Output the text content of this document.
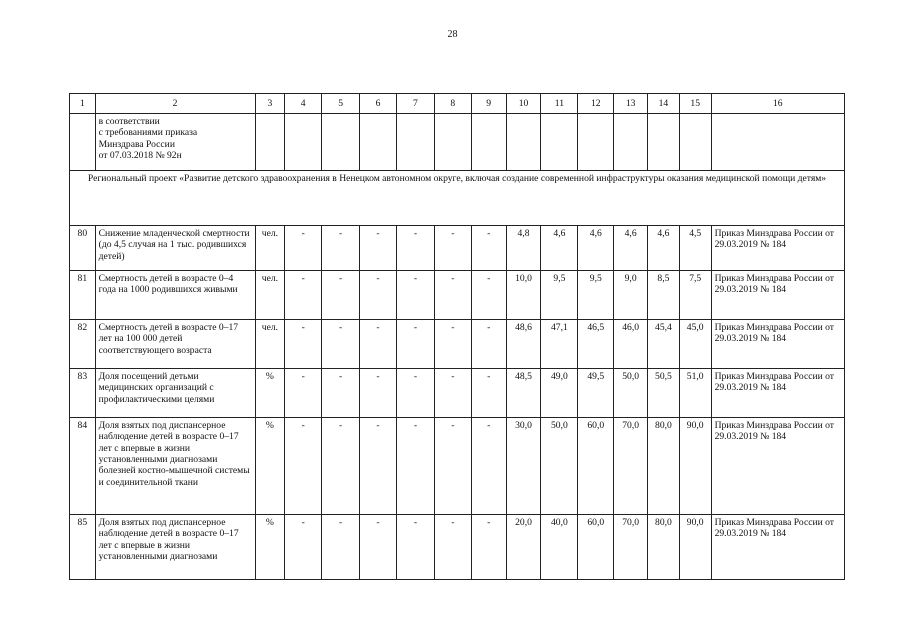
28
1	2	3	4	5	6	7	8	9	10	11	12	13	14	15	16
	в соответствии
с требованиями приказа
Минздрава России
от 07.03.2018 № 92н														
Региональный проект «Развитие детского здравоохранения в Ненецком автономном округе, включая создание современной инфраструктуры оказания медицинской помощи детям»															
80	Снижение младенческой смертности (до 4,5 случая на 1 тыс. родившихся детей)	чел.	-	-	-	-	-	-	4,8	4,6	4,6	4,6	4,6	4,5	Приказ Минздрава России от 29.03.2019 № 184
81	Смертность детей в возрасте 0–4 года на 1000 родившихся живыми	чел.	-	-	-	-	-	-	10,0	9,5	9,5	9,0	8,5	7,5	Приказ Минздрава России от 29.03.2019 № 184
82	Смертность детей в возрасте 0–17 лет на 100 000 детей соответствующего возраста	чел.	-	-	-	-	-	-	48,6	47,1	46,5	46,0	45,4	45,0	Приказ Минздрава России от 29.03.2019 № 184
83	Доля посещений детьми медицинских организаций с профилактическими целями	%	-	-	-	-	-	-	48,5	49,0	49,5	50,0	50,5	51,0	Приказ Минздрава России от 29.03.2019 № 184
84	Доля взятых под диспансерное наблюдение детей в возрасте 0–17 лет с впервые в жизни установленными диагнозами болезней костно-мышечной системы и соединительной ткани	%	-	-	-	-	-	-	30,0	50,0	60,0	70,0	80,0	90,0	Приказ Минздрава России от 29.03.2019 № 184
85	Доля взятых под диспансерное наблюдение детей в возрасте 0–17 лет с впервые в жизни установленными диагнозами	%	-	-	-	-	-	-	20,0	40,0	60,0	70,0	80,0	90,0	Приказ Минздрава России от 29.03.2019 № 184
